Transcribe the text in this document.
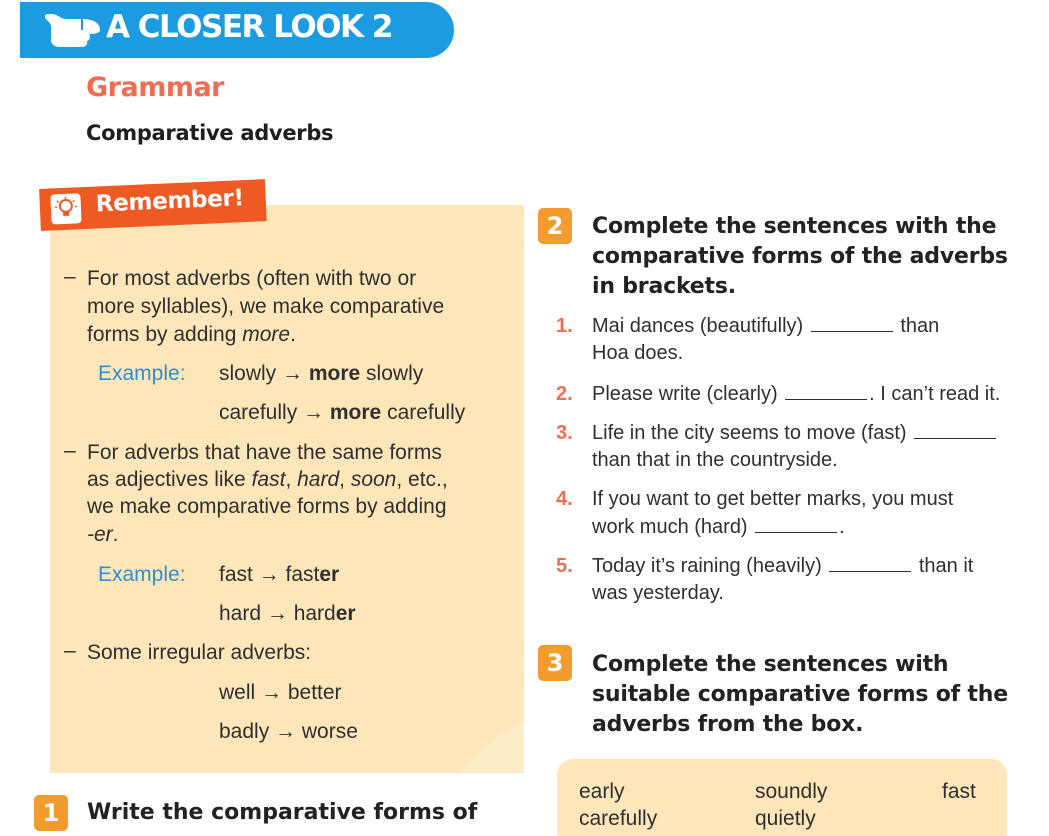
A CLOSER LOOK 2
Grammar
Comparative adverbs
Remember!
– For most adverbs (often with two or
more syllables), we make comparative
forms by adding more.
Example: slowly → more slowly
carefully → more carefully
– For adverbs that have the same forms
as adjectives like fast, hard, soon, etc.,
we make comparative forms by adding
-er.
Example: fast → faster
hard → harder
– Some irregular adverbs:
well → better
badly → worse
1	Write the comparative forms of
2	Complete the sentences with the
comparative forms of the adverbs
in brackets.
1. Mai dances (beautifully)	than
Hoa does.
2. Please write (clearly)	. I can’t read it.
3. Life in the city seems to move (fast)
than that in the countryside.
4. If you want to get better marks, you must
work much (hard)	.
5. Today it’s raining (heavily)	than it
was yesterday.
3	Complete the sentences with
suitable comparative forms of the
adverbs from the box.
early	soundly	fast
carefully	quietly
